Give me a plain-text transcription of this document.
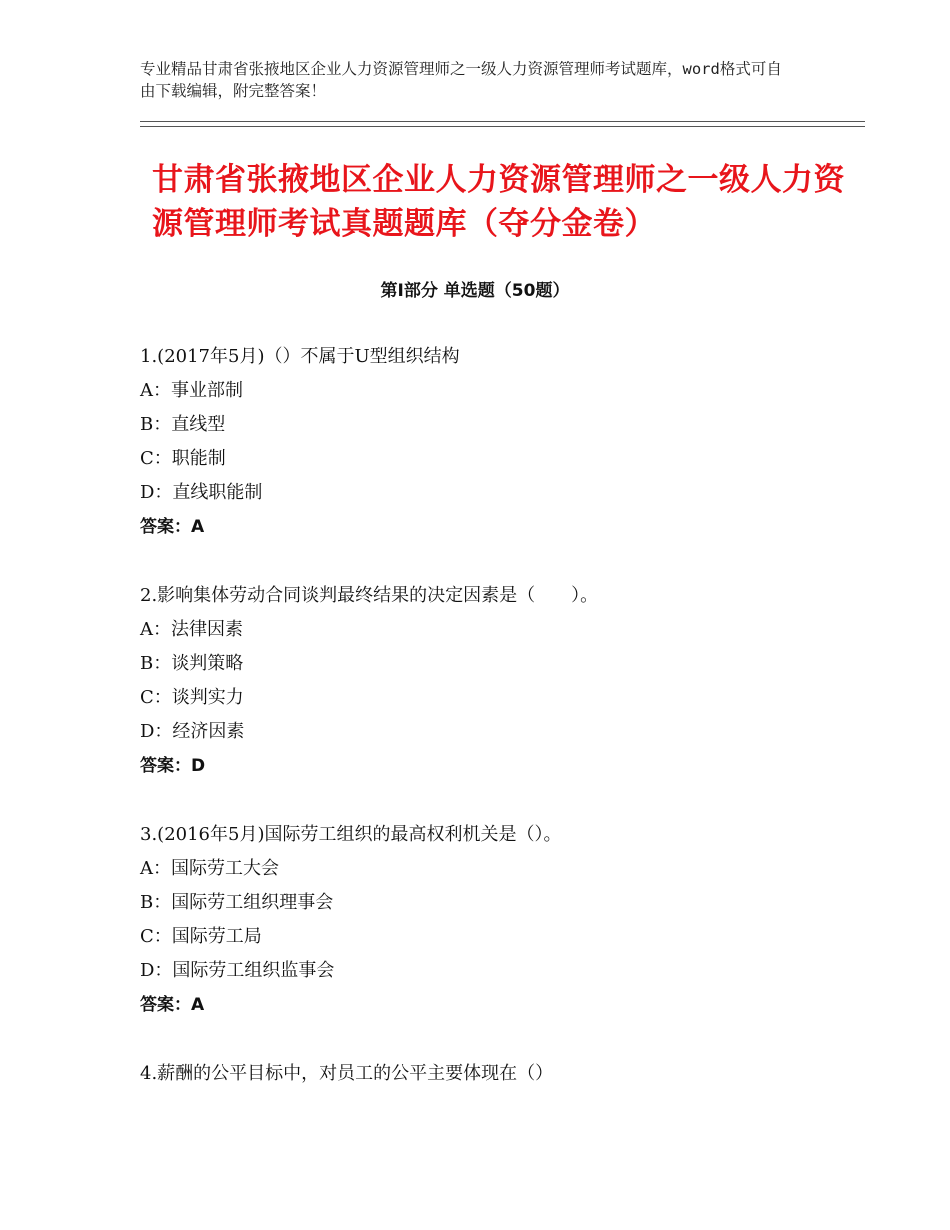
专业精品甘肃省张掖地区企业人力资源管理师之一级人力资源管理师考试题库，word格式可自由下载编辑，附完整答案！
甘肃省张掖地区企业人力资源管理师之一级人力资源管理师考试真题题库（夺分金卷）
第Ⅰ部分 单选题（50题）
1.(2017年5月)（）不属于U型组织结构
A：事业部制
B：直线型
C：职能制
D：直线职能制
答案：A
2.影响集体劳动合同谈判最终结果的决定因素是（　　）。
A：法律因素
B：谈判策略
C：谈判实力
D：经济因素
答案：D
3.(2016年5月)国际劳工组织的最高权利机关是（）。
A：国际劳工大会
B：国际劳工组织理事会
C：国际劳工局
D：国际劳工组织监事会
答案：A
4.薪酬的公平目标中，对员工的公平主要体现在（）
